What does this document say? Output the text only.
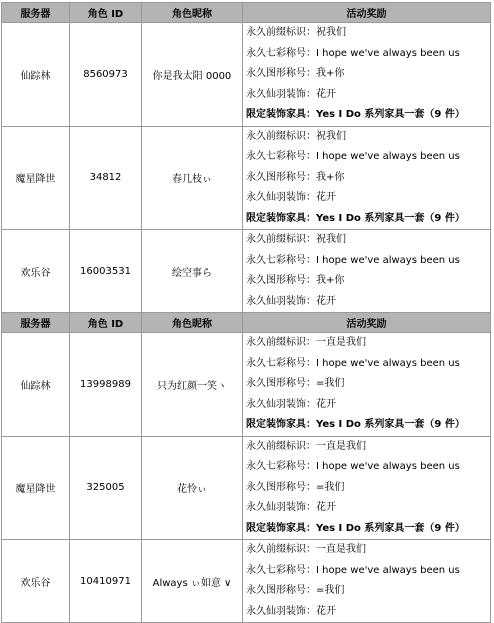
服务器	角色 ID	角色昵称	活动奖励
仙踪林	8560973	你是我太阳 0000	永久前缀标识：祝我们
永久七彩称号：I hope we've always been us
永久图形称号：我+你
永久仙羽装饰：花开
限定装饰家具：Yes I Do 系列家具一套（9 件）

魔星降世	34812	春几枝ぃ	永久前缀标识：祝我们
永久七彩称号：I hope we've always been us
永久图形称号：我+你
永久仙羽装饰：花开
限定装饰家具：Yes I Do 系列家具一套（9 件）

欢乐谷	16003531	绘空事ら	永久前缀标识：祝我们
永久七彩称号：I hope we've always been us
永久图形称号：我+你
永久仙羽装饰：花开

服务器	角色 ID	角色昵称	活动奖励
仙踪林	13998989	只为红颜一笑ヽ	永久前缀标识：一直是我们
永久七彩称号：I hope we've always been us
永久图形称号：=我们
永久仙羽装饰：花开
限定装饰家具：Yes I Do 系列家具一套（9 件）

魔星降世	325005	花怜ぃ	永久前缀标识：一直是我们
永久七彩称号：I hope we've always been us
永久图形称号：=我们
永久仙羽装饰：花开
限定装饰家具：Yes I Do 系列家具一套（9 件）

欢乐谷	10410971	Always ぃ如意 ∨	永久前缀标识：一直是我们
永久七彩称号：I hope we've always been us
永久图形称号：=我们
永久仙羽装饰：花开
